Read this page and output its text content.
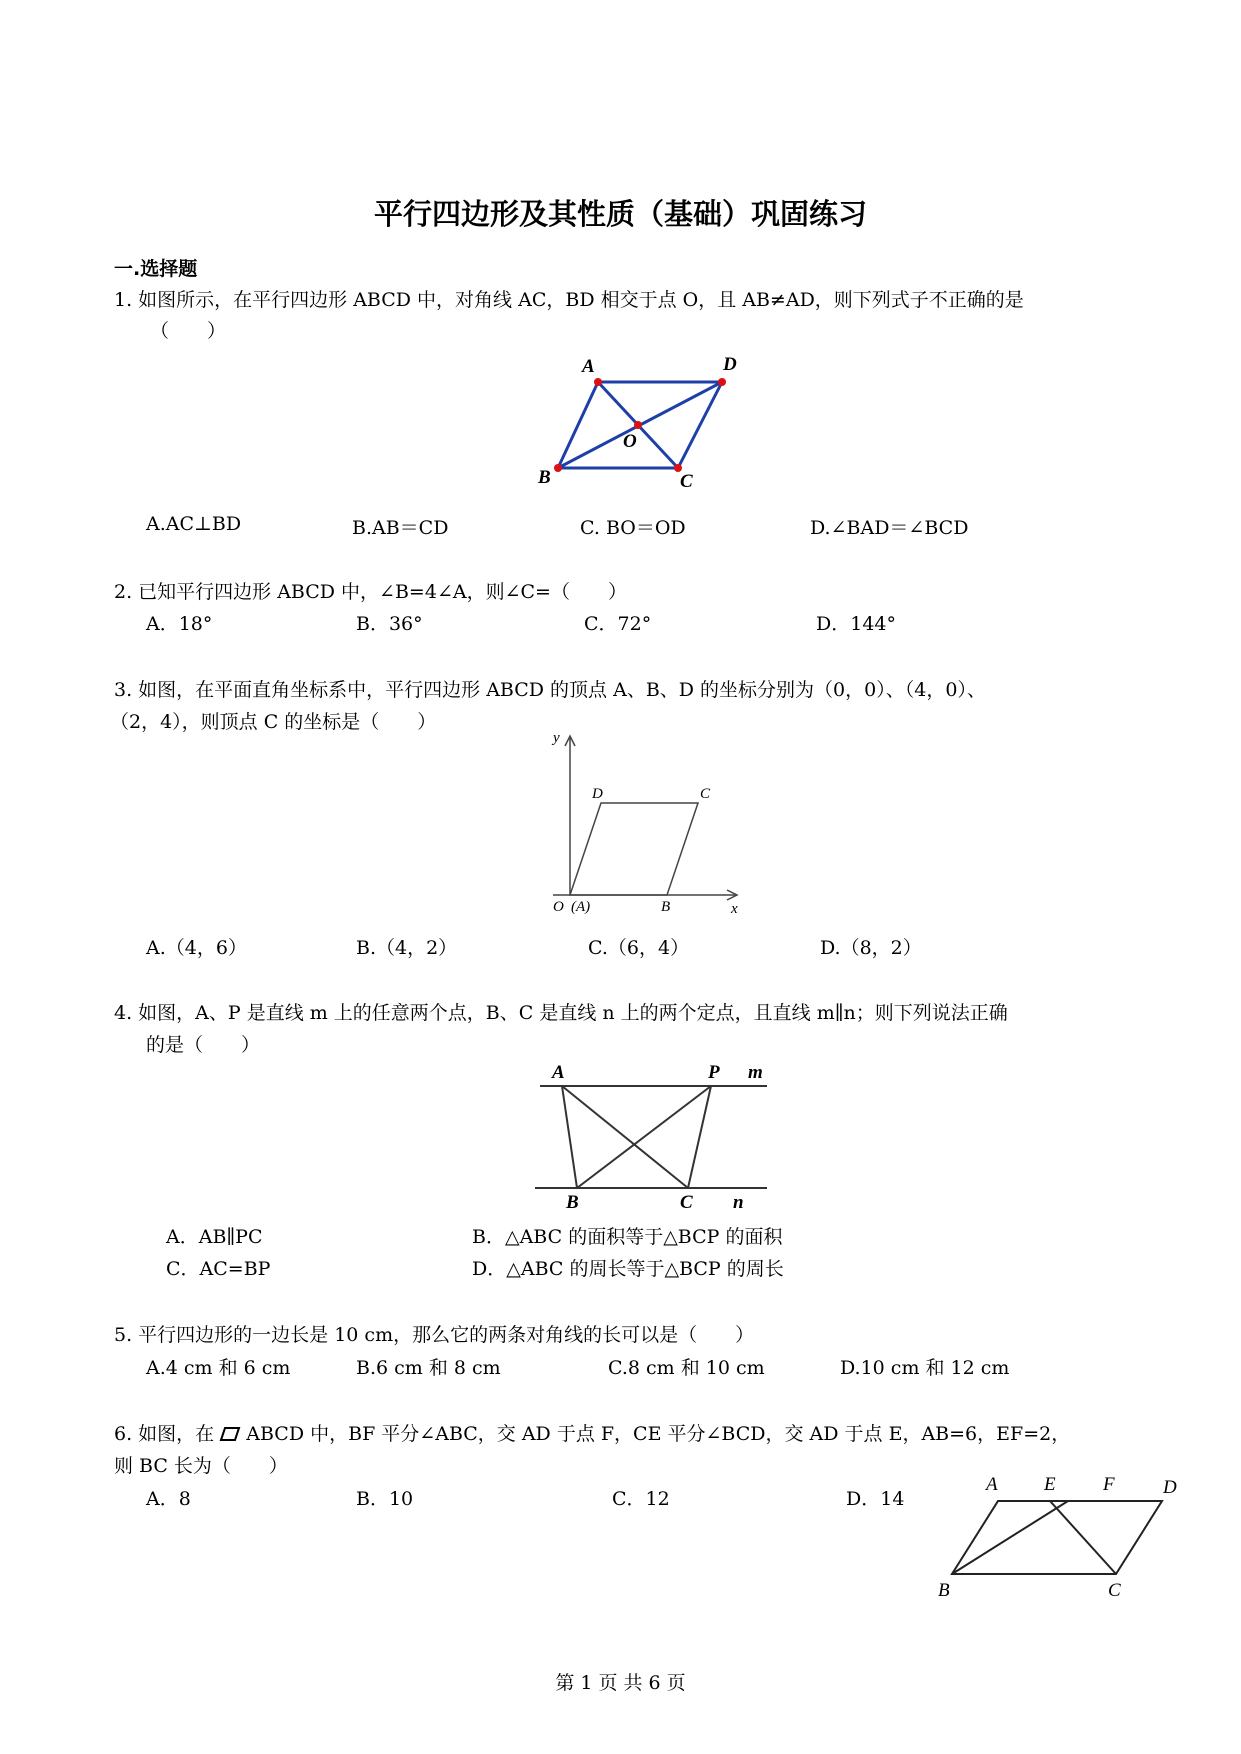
平行四边形及其性质（基础）巩固练习
一.选择题
1. 如图所示，在平行四边形 ABCD 中，对角线 AC，BD 相交于点 O，且 AB≠AD，则下列式子不正确的是
（　　）
A	D
B	C
O
A.AC⊥BD	B.AB＝CD	C. BO＝OD	D.∠BAD＝∠BCD
2. 已知平行四边形 ABCD 中，∠B=4∠A，则∠C=（　　）
A．18°	B．36°	C．72°	D．144°
3. 如图，在平面直角坐标系中，平行四边形 ABCD 的顶点 A、B、D 的坐标分别为（0，0）、（4，0）、
（2，4），则顶点 C 的坐标是（　　）
y
x
D	C
O (A)	B
A.（4，6）	B.（4，2）	C.（6，4）	D.（8，2）
4. 如图，A、P 是直线 m 上的任意两个点，B、C 是直线 n 上的两个定点，且直线 m∥n；则下列说法正确
的是（　　）
A	P m
B	C n
A．AB∥PC	B．△ABC 的面积等于△BCP 的面积
C．AC=BP	D．△ABC 的周长等于△BCP 的周长
5. 平行四边形的一边长是 10 cm，那么它的两条对角线的长可以是（　　）
A.4 cm 和 6 cm	B.6 cm 和 8 cm	C.8 cm 和 10 cm	D.10 cm 和 12 cm
6. 如图，在 ABCD 中，BF 平分∠ABC，交 AD 于点 F，CE 平分∠BCD，交 AD 于点 E，AB=6，EF=2，
则 BC 长为（　　）
A．8	B．10	C．12	D．14
A E F	D
B	C
第 1 页 共 6 页
